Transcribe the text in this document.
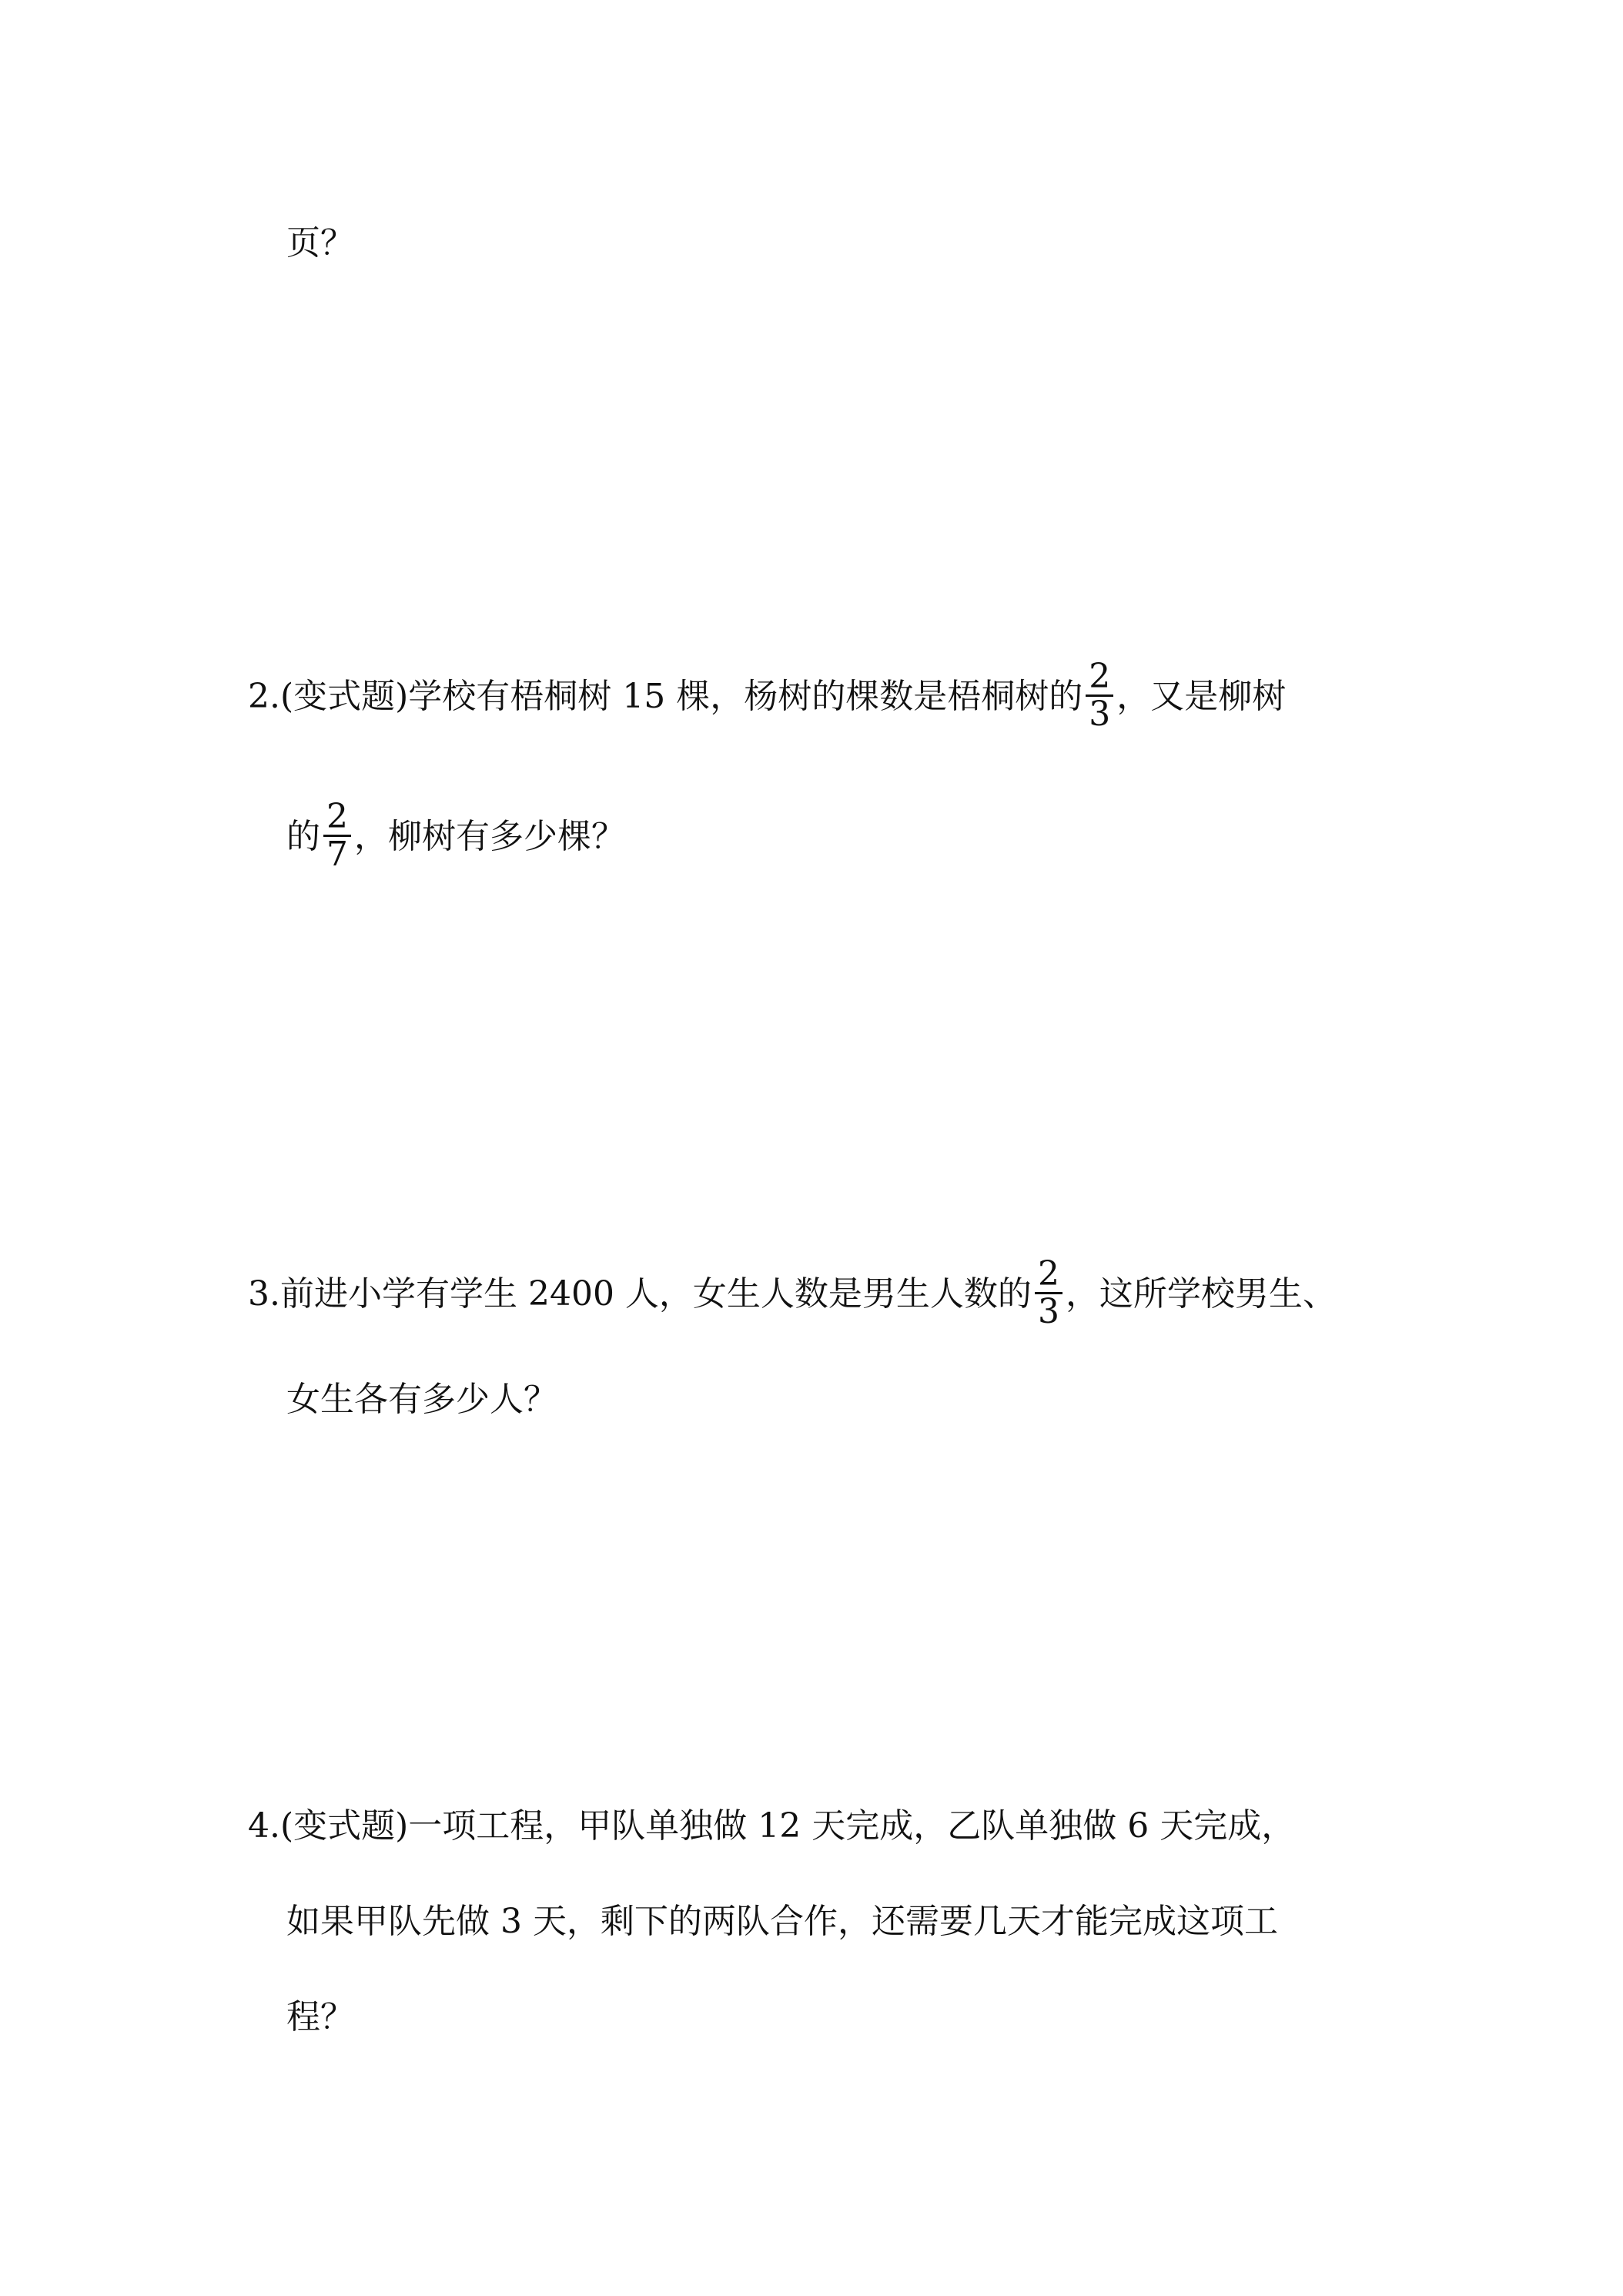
页？
2.(变式题)学校有梧桐树 15 棵，杨树的棵数是梧桐树的 $\frac{2}{3}$ ，又是柳树
的 $\frac{2}{7}$ ，柳树有多少棵？
3.前进小学有学生 2400 人，女生人数是男生人数的 $\frac{2}{3}$ ，这所学校男生、
女生各有多少人？
4.(变式题)一项工程，甲队单独做 12 天完成，乙队单独做 6 天完成，
如果甲队先做 3 天，剩下的两队合作，还需要几天才能完成这项工
程？
